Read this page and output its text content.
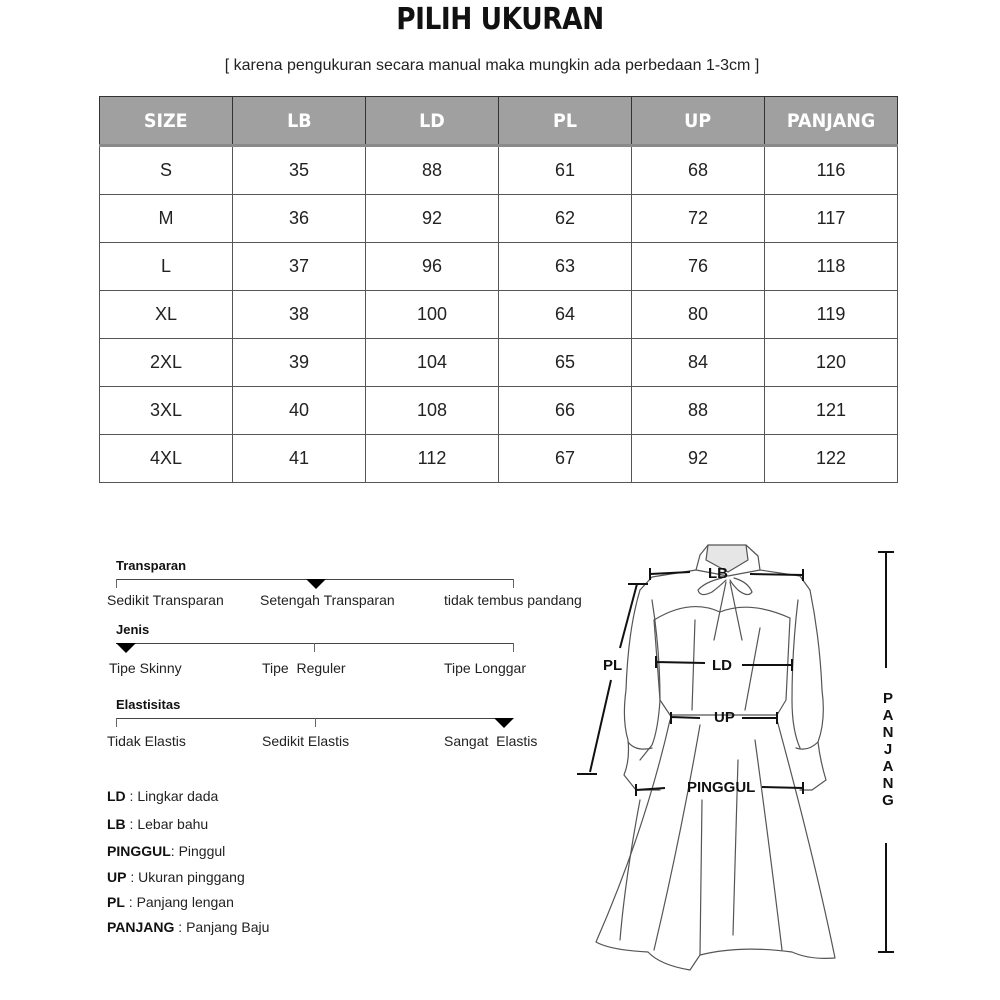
PILIH UKURAN
[ karena pengukuran secara manual maka mungkin ada perbedaan 1-3cm ]
SIZE	LB	LD	PL	UP	PANJANG
S	35	88	61	68	116
M	36	92	62	72	117
L	37	96	63	76	118
XL	38	100	64	80	119
2XL	39	104	65	84	120
3XL	40	108	66	88	121
4XL	41	112	67	92	122
Transparan
Sedikit Transparan	Setengah Transparan	tidak tembus pandang
Jenis
Tipe Skinny	Tipe  Reguler	Tipe Longgar
Elastisitas
Tidak Elastis	Sedikit Elastis	Sangat  Elastis
LD : Lingkar dada
LB : Lebar bahu
PINGGUL: Pinggul
UP : Ukuran pinggang
PL : Panjang lengan
PANJANG : Panjang Baju
LB
LD
PL
UP
PINGGUL
P
A
N
J
A
N
G
